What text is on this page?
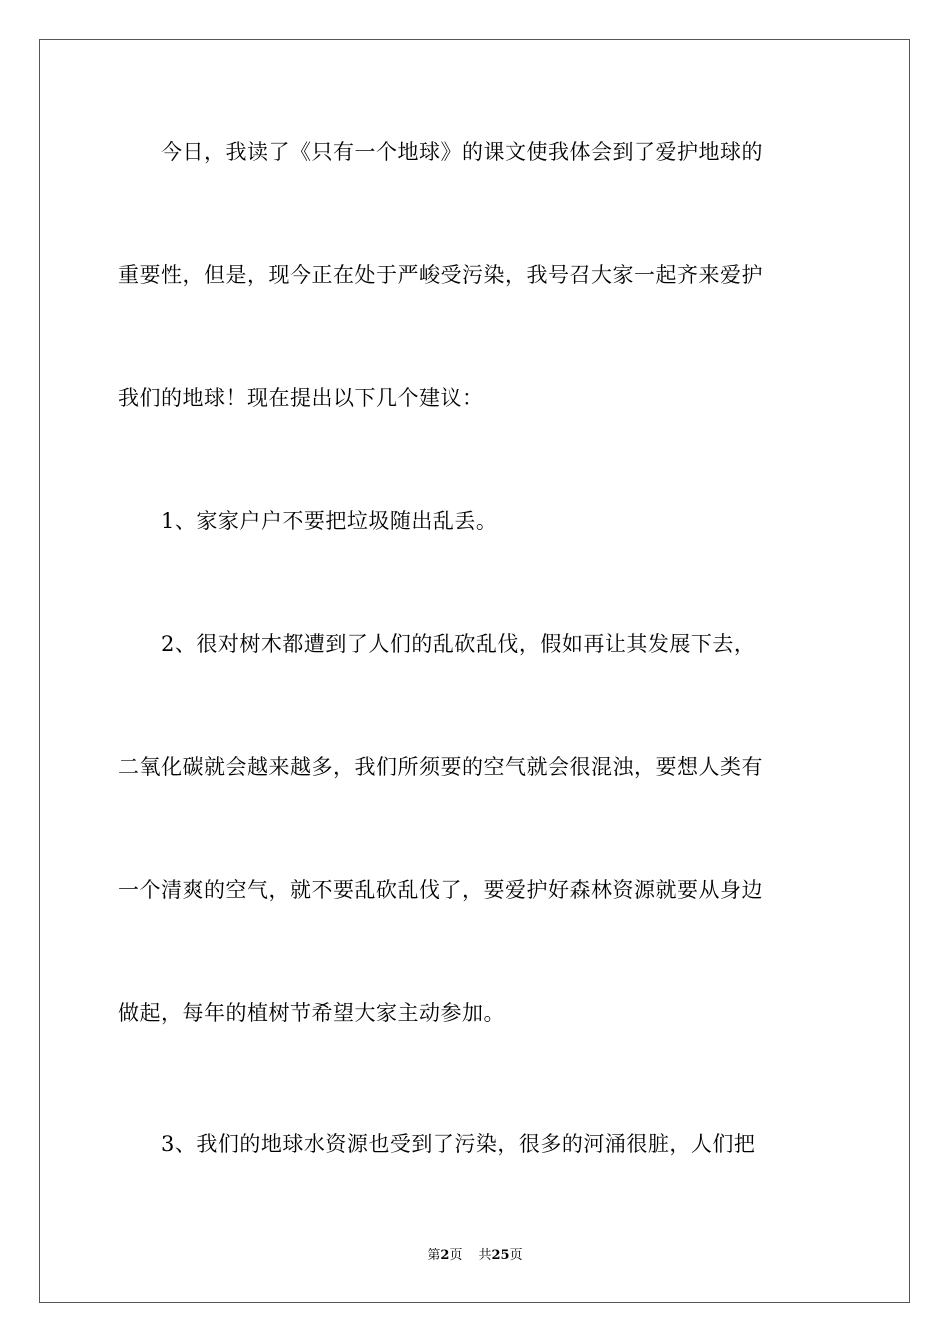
今日，我读了《只有一个地球》的课文使我体会到了爱护地球的
重要性，但是，现今正在处于严峻受污染，我号召大家一起齐来爱护
我们的地球！现在提出以下几个建议：
1、家家户户不要把垃圾随出乱丢。
2、很对树木都遭到了人们的乱砍乱伐，假如再让其发展下去，
二氧化碳就会越来越多，我们所须要的空气就会很混浊，要想人类有
一个清爽的空气，就不要乱砍乱伐了，要爱护好森林资源就要从身边
做起，每年的植树节希望大家主动参加。
3、我们的地球水资源也受到了污染，很多的河涌很脏，人们把
第2页 共25页
